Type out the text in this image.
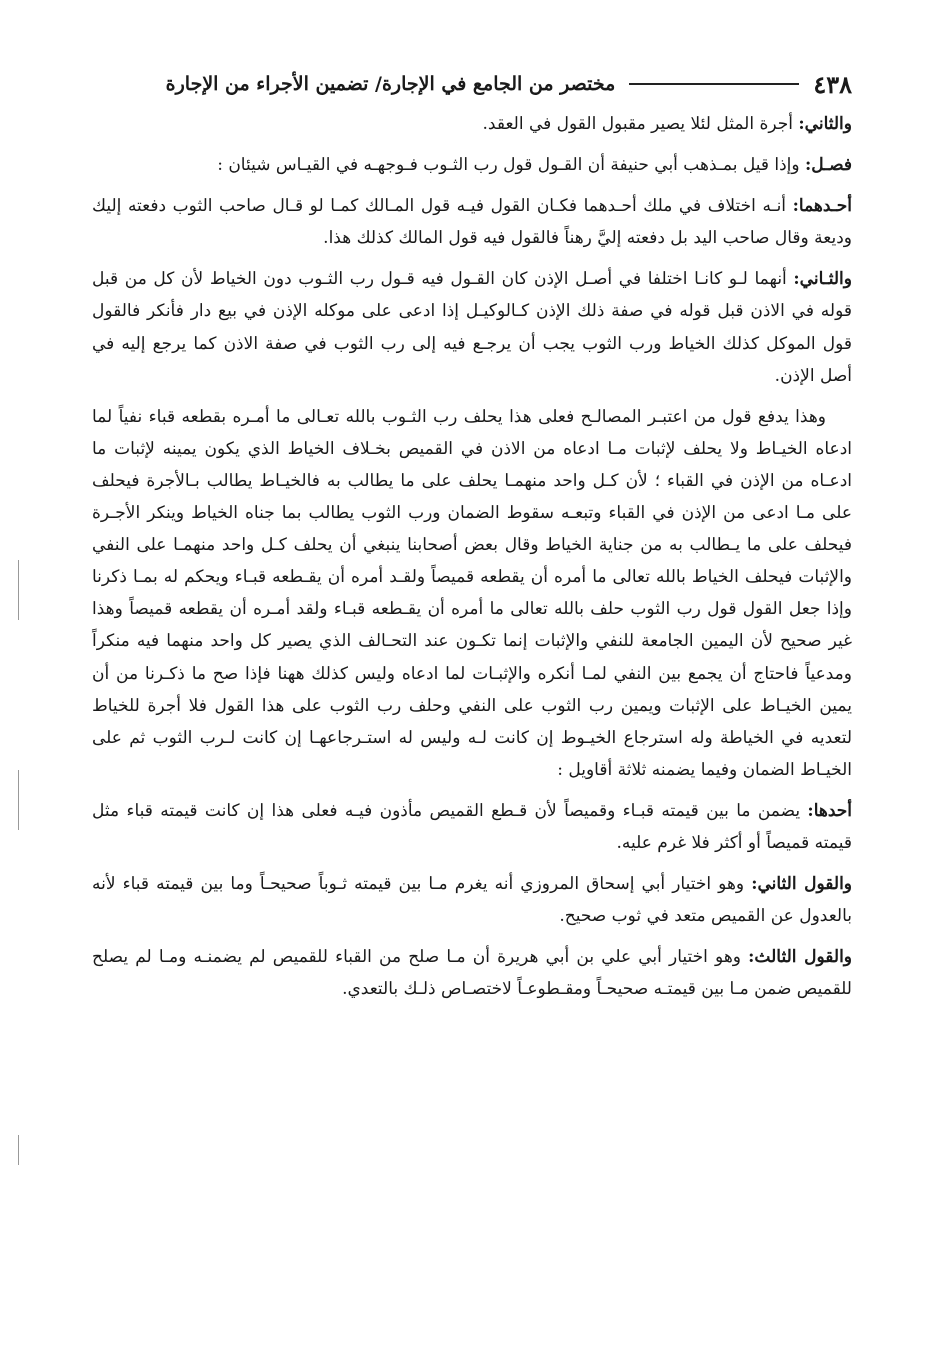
٤٣٨
مختصر من الجامع في الإجارة/ تضمين الأجراء من الإجارة

والثاني: أجرة المثل لئلا يصير مقبول القول في العقد.

فصـل: وإذا قيل بمـذهب أبي حنيفة أن القـول قول رب الثـوب فـوجهـه في القيـاس شيئان :

أحـدهما: أنـه اختلاف في ملك أحـدهما فكـان القول فيـه قول المـالك كمـا لو قـال صاحب الثوب دفعته إليك وديعة وقال صاحب اليد بل دفعته إليَّ رهناً فالقول فيه قول المالك كذلك هذا.

والثـاني: أنهما لـو كانـا اختلفا في أصـل الإذن كان القـول فيه قـول رب الثـوب دون الخياط لأن كل من قبل قوله في الاذن قبل قوله في صفة ذلك الإذن كـالوكيـل إذا ادعى على موكله الإذن في بيع دار فأنكر فالقول قول الموكل كذلك الخياط ورب الثوب يجب أن يرجـع فيه إلى رب الثوب في صفة الاذن كما يرجع إليه في أصل الإذن.

وهذا يدفع قول من اعتبـر المصالـح فعلى هذا يحلف رب الثـوب بالله تعـالى ما أمـره بقطعه قباء نفياً لما ادعاه الخيـاط ولا يحلف لإثبات مـا ادعاه من الاذن في القميص بخـلاف الخياط الذي يكون يمينه لإثبات ما ادعـاه من الإذن في القباء ؛ لأن كـل واحد منهمـا يحلف على ما يطالب به فالخيـاط يطالب بـالأجرة فيحلف على مـا ادعى من الإذن في القباء وتبعـه سقوط الضمان ورب الثوب يطالب بما جناه الخياط وينكر الأجـرة فيحلف على ما يـطالب به من جناية الخياط وقال بعض أصحابنا ينبغي أن يحلف كـل واحد منهمـا على النفي والإثبات فيحلف الخياط بالله تعالى ما أمره أن يقطعه قميصاً ولقـد أمره أن يقـطعه قبـاء ويحكم له بمـا ذكرنا وإذا جعل القول قول رب الثوب حلف بالله تعالى ما أمره أن يقـطعه قبـاء ولقد أمـره أن يقطعه قميصاً وهذا غير صحيح لأن اليمين الجامعة للنفي والإثبات إنما تكـون عند التحـالف الذي يصير كل واحد منهما فيه منكراً ومدعياً فاحتاج أن يجمع بين النفي لمـا أنكره والإثبـات لما ادعاه وليس كذلك ههنا فإذا صح ما ذكـرنا من أن يمين الخيـاط على الإثبات ويمين رب الثوب على النفي وحلف رب الثوب على هذا القول فلا أجرة للخياط لتعديه في الخياطة وله استرجاع الخيـوط إن كانت لـه وليس له استـرجاعهـا إن كانت لـرب الثوب ثم على الخيـاط الضمان وفيما يضمنه ثلاثة أقاويل :

أحدها: يضمن ما بين قيمته قبـاء وقميصاً لأن قـطع القميص مأذون فيـه فعلى هذا إن كانت قيمته قباء مثل قيمته قميصاً أو أكثر فلا غرم عليه.

والقول الثاني: وهو اختيار أبي إسحاق المروزي أنه يغرم مـا بين قيمته ثـوباً صحيحـاً وما بين قيمته قباء لأنه بالعدول عن القميص متعد في ثوب صحيح.

والقول الثالث: وهو اختيار أبي علي بن أبي هريرة أن مـا صلح من القباء للقميص لم يضمنـه ومـا لم يصلح للقميص ضمن مـا بين قيمتـه صحيحـاً ومقـطوعـاً لاختصـاص ذلـك بالتعدي.
